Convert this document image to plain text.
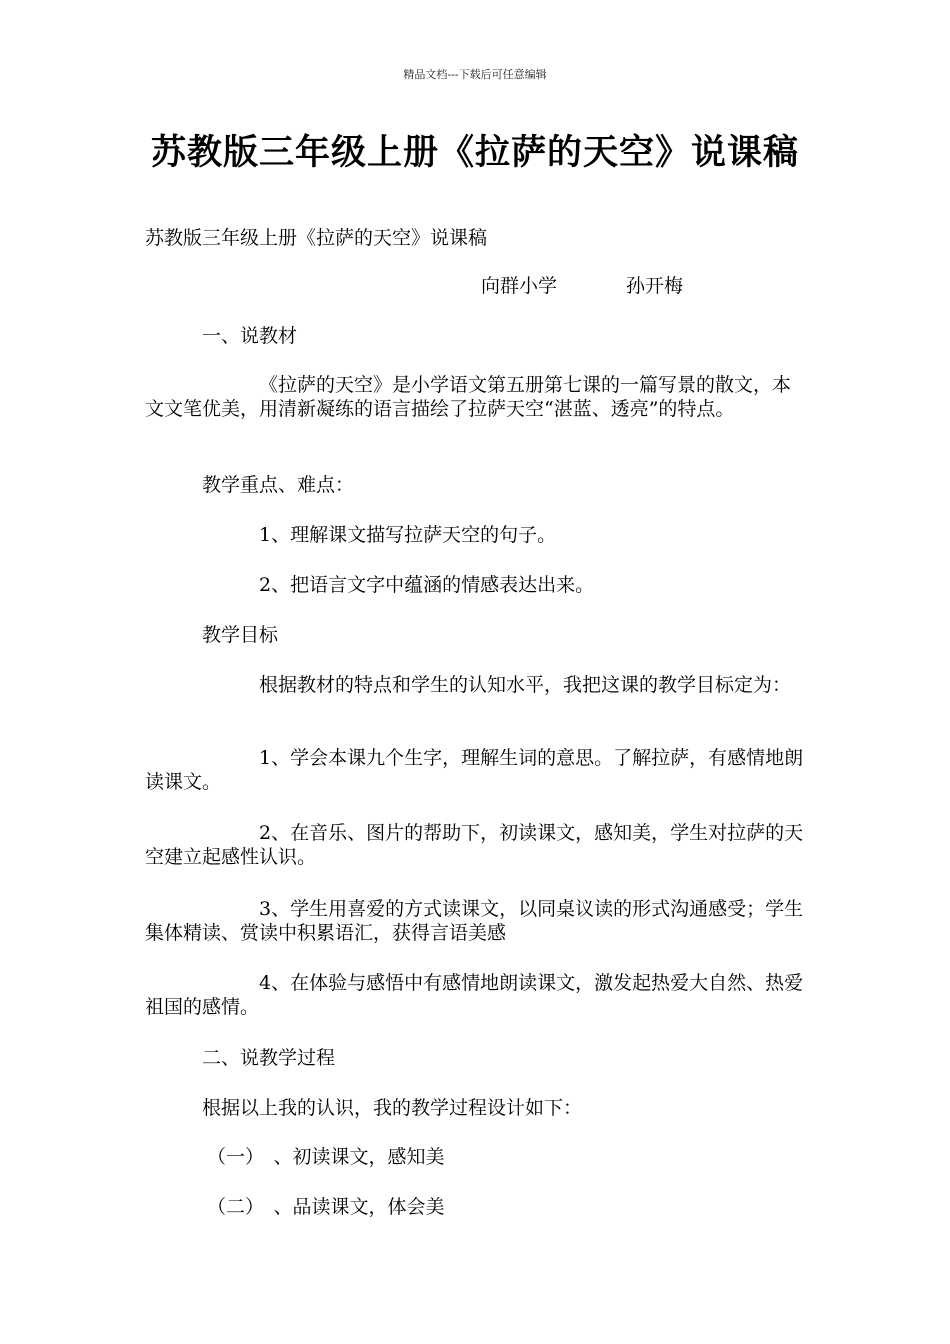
精品文档---下载后可任意编辑
苏教版三年级上册《拉萨的天空》说课稿

苏教版三年级上册《拉萨的天空》说课稿

向群小学	孙开梅

一、说教材

《拉萨的天空》是小学语文第五册第七课的一篇写景的散文，本文文笔优美，用清新凝练的语言描绘了拉萨天空“湛蓝、透亮”的特点。

教学重点、难点：

1、理解课文描写拉萨天空的句子。

2、把语言文字中蕴涵的情感表达出来。

教学目标

根据教材的特点和学生的认知水平，我把这课的教学目标定为：

1、学会本课九个生字，理解生词的意思。了解拉萨，有感情地朗读课文。

2、在音乐、图片的帮助下，初读课文，感知美，学生对拉萨的天空建立起感性认识。

3、学生用喜爱的方式读课文，以同桌议读的形式沟通感受；学生集体精读、赏读中积累语汇，获得言语美感

4、在体验与感悟中有感情地朗读课文，激发起热爱大自然、热爱祖国的感情。

二、说教学过程

根据以上我的认识，我的教学过程设计如下：

（一）　、初读课文，感知美

（二）　、品读课文，体会美
